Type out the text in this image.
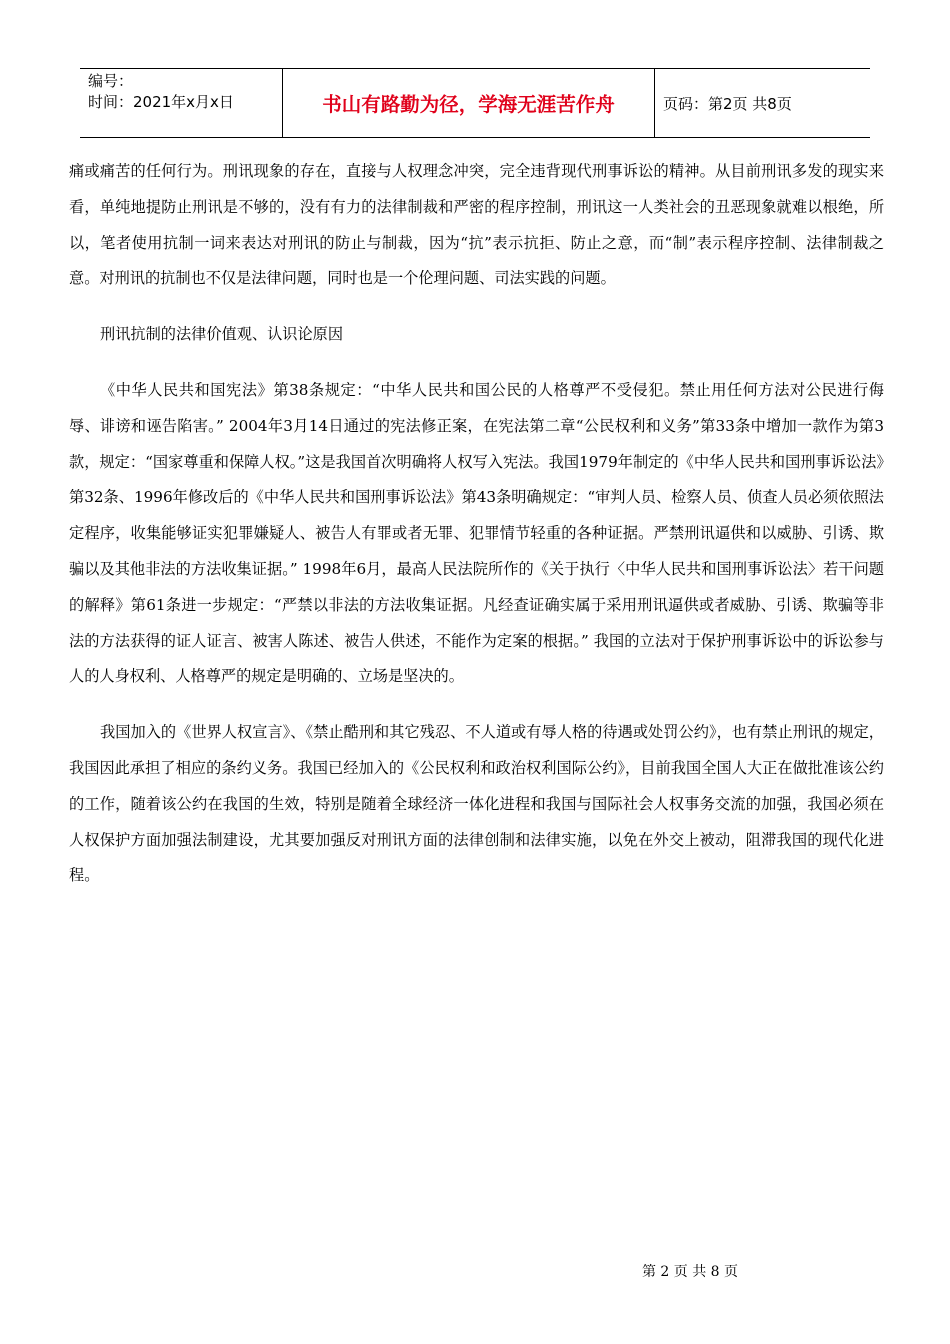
编号：
时间：2021年x月x日	书山有路勤为径，学海无涯苦作舟	页码：第2页 共8页

痛或痛苦的任何行为。刑讯现象的存在，直接与人权理念冲突，完全违背现代刑事诉讼的精神。从目前刑讯多发的现实来看，单纯地提防止刑讯是不够的，没有有力的法律制裁和严密的程序控制，刑讯这一人类社会的丑恶现象就难以根绝，所以，笔者使用抗制一词来表达对刑讯的防止与制裁，因为“抗”表示抗拒、防止之意，而“制”表示程序控制、法律制裁之意。对刑讯的抗制也不仅是法律问题，同时也是一个伦理问题、司法实践的问题。

刑讯抗制的法律价值观、认识论原因

《中华人民共和国宪法》第38条规定：“中华人民共和国公民的人格尊严不受侵犯。禁止用任何方法对公民进行侮辱、诽谤和诬告陷害。” 2004年3月14日通过的宪法修正案，在宪法第二章“公民权利和义务”第33条中增加一款作为第3款，规定：“国家尊重和保障人权。”这是我国首次明确将人权写入宪法。我国1979年制定的《中华人民共和国刑事诉讼法》第32条、1996年修改后的《中华人民共和国刑事诉讼法》第43条明确规定：“审判人员、检察人员、侦查人员必须依照法定程序，收集能够证实犯罪嫌疑人、被告人有罪或者无罪、犯罪情节轻重的各种证据。严禁刑讯逼供和以威胁、引诱、欺骗以及其他非法的方法收集证据。” 1998年6月，最高人民法院所作的《关于执行〈中华人民共和国刑事诉讼法〉若干问题的解释》第61条进一步规定：“严禁以非法的方法收集证据。凡经查证确实属于采用刑讯逼供或者威胁、引诱、欺骗等非法的方法获得的证人证言、被害人陈述、被告人供述，不能作为定案的根据。” 我国的立法对于保护刑事诉讼中的诉讼参与人的人身权利、人格尊严的规定是明确的、立场是坚决的。

我国加入的《世界人权宣言》、《禁止酷刑和其它残忍、不人道或有辱人格的待遇或处罚公约》，也有禁止刑讯的规定，我国因此承担了相应的条约义务。我国已经加入的《公民权利和政治权利国际公约》，目前我国全国人大正在做批准该公约的工作，随着该公约在我国的生效，特别是随着全球经济一体化进程和我国与国际社会人权事务交流的加强，我国必须在人权保护方面加强法制建设，尤其要加强反对刑讯方面的法律创制和法律实施，以免在外交上被动，阻滞我国的现代化进程。

第 2 页 共 8 页
